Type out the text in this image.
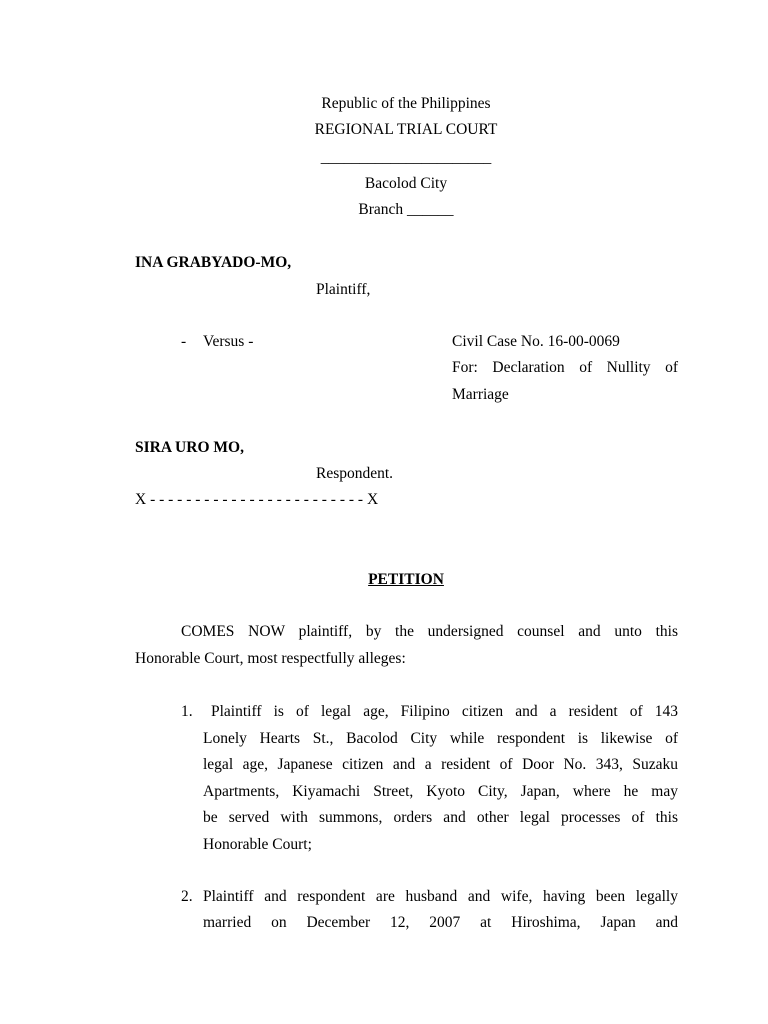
Republic of the Philippines
REGIONAL TRIAL COURT
______________________
Bacolod City
Branch ______
INA GRABYADO-MO,
Plaintiff,
- Versus -	Civil Case No. 16-00-0069
For: Declaration of Nullity of
Marriage
SIRA URO MO,
Respondent.
X - - - - - - - - - - - - - - - - - - - - - - - - X
PETITION
COMES NOW plaintiff, by the undersigned counsel and unto this
Honorable Court, most respectfully alleges:
1. Plaintiff is of legal age, Filipino citizen and a resident of 143
Lonely Hearts St., Bacolod City while respondent is likewise of
legal age, Japanese citizen and a resident of Door No. 343, Suzaku
Apartments, Kiyamachi Street, Kyoto City, Japan, where he may
be served with summons, orders and other legal processes of this
Honorable Court;
2. Plaintiff and respondent are husband and wife, having been legally
married on December 12, 2007 at Hiroshima, Japan and
